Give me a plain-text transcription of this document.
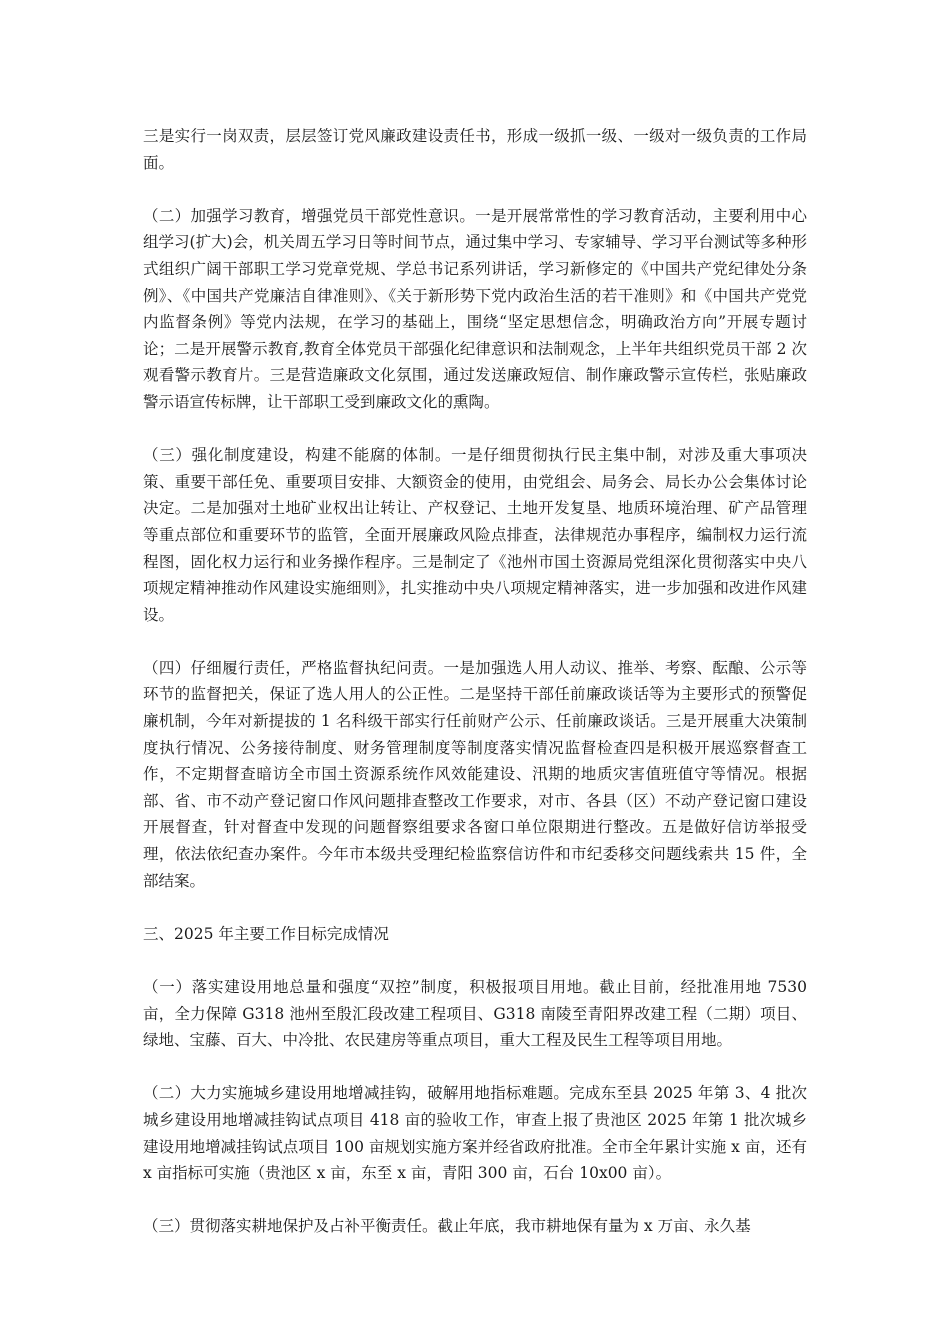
三是实行一岗双责，层层签订党风廉政建设责任书，形成一级抓一级、一级对一级负责的工作局面。

（二）加强学习教育，增强党员干部党性意识。一是开展常常性的学习教育活动，主要利用中心组学习(扩大)会，机关周五学习日等时间节点，通过集中学习、专家辅导、学习平台测试等多种形式组织广阔干部职工学习党章党规、学总书记系列讲话，学习新修定的《中国共产党纪律处分条例》、《中国共产党廉洁自律准则》、《关于新形势下党内政治生活的若干准则》和《中国共产党党内监督条例》等党内法规，在学习的基础上，围绕“坚定思想信念，明确政治方向”开展专题讨论；二是开展警示教育,教育全体党员干部强化纪律意识和法制观念，上半年共组织党员干部 2 次观看警示教育片。三是营造廉政文化氛围，通过发送廉政短信、制作廉政警示宣传栏，张贴廉政警示语宣传标牌，让干部职工受到廉政文化的熏陶。

（三）强化制度建设，构建不能腐的体制。一是仔细贯彻执行民主集中制，对涉及重大事项决策、重要干部任免、重要项目安排、大额资金的使用，由党组会、局务会、局长办公会集体讨论决定。二是加强对土地矿业权出让转让、产权登记、土地开发复垦、地质环境治理、矿产品管理等重点部位和重要环节的监管，全面开展廉政风险点排查，法律规范办事程序，编制权力运行流程图，固化权力运行和业务操作程序。三是制定了《池州市国土资源局党组深化贯彻落实中央八项规定精神推动作风建设实施细则》，扎实推动中央八项规定精神落实，进一步加强和改进作风建设。

（四）仔细履行责任，严格监督执纪问责。一是加强选人用人动议、推举、考察、酝酿、公示等环节的监督把关，保证了选人用人的公正性。二是坚持干部任前廉政谈话等为主要形式的预警促廉机制，今年对新提拔的 1 名科级干部实行任前财产公示、任前廉政谈话。三是开展重大决策制度执行情况、公务接待制度、财务管理制度等制度落实情况监督检查四是积极开展巡察督查工作，不定期督查暗访全市国土资源系统作风效能建设、汛期的地质灾害值班值守等情况。根据部、省、市不动产登记窗口作风问题排查整改工作要求，对市、各县（区）不动产登记窗口建设开展督查，针对督查中发现的问题督察组要求各窗口单位限期进行整改。五是做好信访举报受理，依法依纪查办案件。今年市本级共受理纪检监察信访件和市纪委移交问题线索共 15 件，全部结案。

三、2025 年主要工作目标完成情况

（一）落实建设用地总量和强度“双控”制度，积极报项目用地。截止目前，经批准用地 7530 亩，全力保障 G318 池州至殷汇段改建工程项目、G318 南陵至青阳界改建工程（二期）项目、绿地、宝藤、百大、中冷批、农民建房等重点项目，重大工程及民生工程等项目用地。

（二）大力实施城乡建设用地增减挂钩，破解用地指标难题。完成东至县 2025 年第 3、4 批次城乡建设用地增减挂钩试点项目 418 亩的验收工作，审查上报了贵池区 2025 年第 1 批次城乡建设用地增减挂钩试点项目 100 亩规划实施方案并经省政府批准。全市全年累计实施 x 亩，还有 x 亩指标可实施（贵池区 x 亩，东至 x 亩，青阳 300 亩，石台 10x00 亩）。

（三）贯彻落实耕地保护及占补平衡责任。截止年底，我市耕地保有量为 x 万亩、永久基
